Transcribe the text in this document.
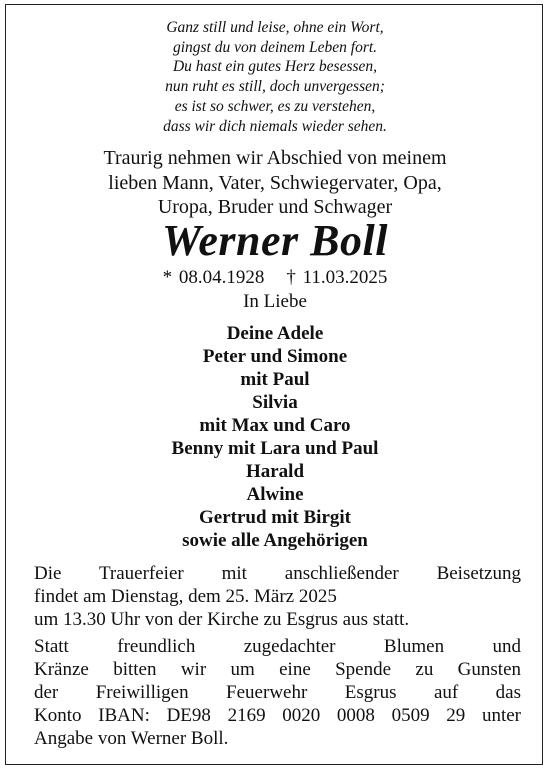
Ganz still und leise, ohne ein Wort,
gingst du von deinem Leben fort.
Du hast ein gutes Herz besessen,
nun ruht es still, doch unvergessen;
es ist so schwer, es zu verstehen,
dass wir dich niemals wieder sehen.
Traurig nehmen wir Abschied von meinem
lieben Mann, Vater, Schwiegervater, Opa,
Uropa, Bruder und Schwager
Werner Boll
* 08.04.1928 † 11.03.2025
In Liebe
Deine Adele
Peter und Simone
mit Paul
Silvia
mit Max und Caro
Benny mit Lara und Paul
Harald
Alwine
Gertrud mit Birgit
sowie alle Angehörigen
Die Trauerfeier mit anschließender Beisetzung
findet am Dienstag, dem 25. März 2025
um 13.30 Uhr von der Kirche zu Esgrus aus statt.
Statt freundlich zugedachter Blumen und
Kränze bitten wir um eine Spende zu Gunsten
der Freiwilligen Feuerwehr Esgrus auf das
Konto IBAN: DE98 2169 0020 0008 0509 29 unter
Angabe von Werner Boll.
